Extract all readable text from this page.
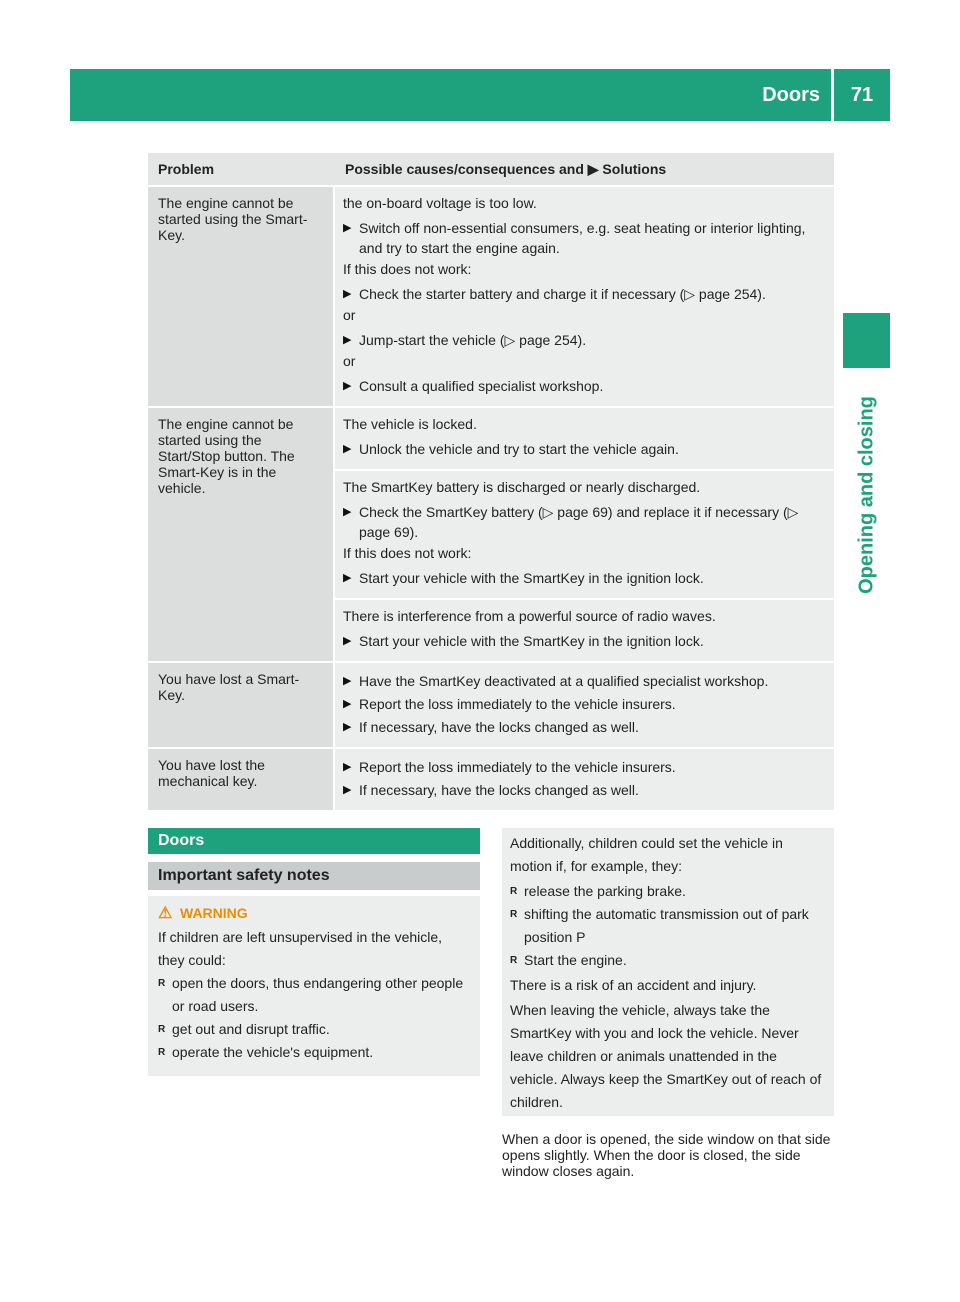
Doors	71
Opening and closing
Problem	Possible causes/consequences and ▶ Solutions
The engine cannot be started using the Smart-Key.
the on-board voltage is too low.
▶ Switch off non-essential consumers, e.g. seat heating or interior lighting, and try to start the engine again.
If this does not work:
▶ Check the starter battery and charge it if necessary (▷ page 254).
or
▶ Jump-start the vehicle (▷ page 254).
or
▶ Consult a qualified specialist workshop.
The engine cannot be started using the Start/Stop button. The Smart-Key is in the vehicle.
The vehicle is locked.
▶ Unlock the vehicle and try to start the vehicle again.
The SmartKey battery is discharged or nearly discharged.
▶ Check the SmartKey battery (▷ page 69) and replace it if necessary (▷ page 69).
If this does not work:
▶ Start your vehicle with the SmartKey in the ignition lock.
There is interference from a powerful source of radio waves.
▶ Start your vehicle with the SmartKey in the ignition lock.
You have lost a Smart-Key.
▶ Have the SmartKey deactivated at a qualified specialist workshop.
▶ Report the loss immediately to the vehicle insurers.
▶ If necessary, have the locks changed as well.
You have lost the mechanical key.
▶ Report the loss immediately to the vehicle insurers.
▶ If necessary, have the locks changed as well.
Doors
Important safety notes
⚠ WARNING
If children are left unsupervised in the vehicle, they could:
R open the doors, thus endangering other people or road users.
R get out and disrupt traffic.
R operate the vehicle's equipment.
Additionally, children could set the vehicle in motion if, for example, they:
R release the parking brake.
R shifting the automatic transmission out of park position P
R Start the engine.
There is a risk of an accident and injury.
When leaving the vehicle, always take the SmartKey with you and lock the vehicle. Never leave children or animals unattended in the vehicle. Always keep the SmartKey out of reach of children.
When a door is opened, the side window on that side opens slightly. When the door is closed, the side window closes again.
